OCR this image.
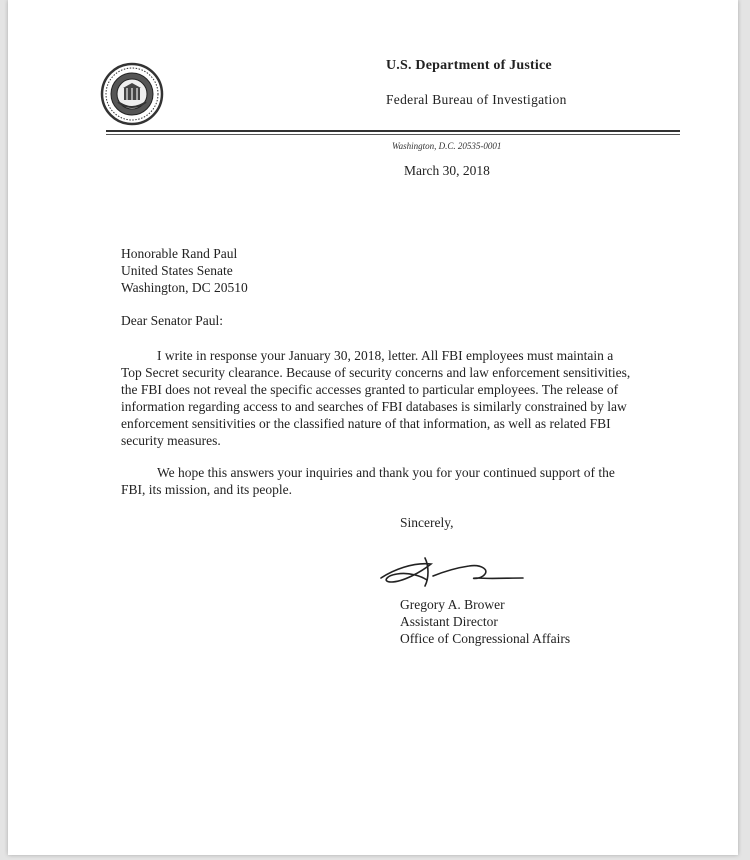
U.S. Department of Justice
Federal Bureau of Investigation
Washington, D.C. 20535-0001
March 30, 2018
Honorable Rand Paul
United States Senate
Washington, DC 20510
Dear Senator Paul:

I write in response your January 30, 2018, letter. All FBI employees must maintain a Top Secret security clearance. Because of security concerns and law enforcement sensitivities, the FBI does not reveal the specific accesses granted to particular employees. The release of information regarding access to and searches of FBI databases is similarly constrained by law enforcement sensitivities or the classified nature of that information, as well as related FBI security measures.

We hope this answers your inquiries and thank you for your continued support of the FBI, its mission, and its people.

Sincerely,
Gregory A. Brower
Assistant Director
Office of Congressional Affairs
